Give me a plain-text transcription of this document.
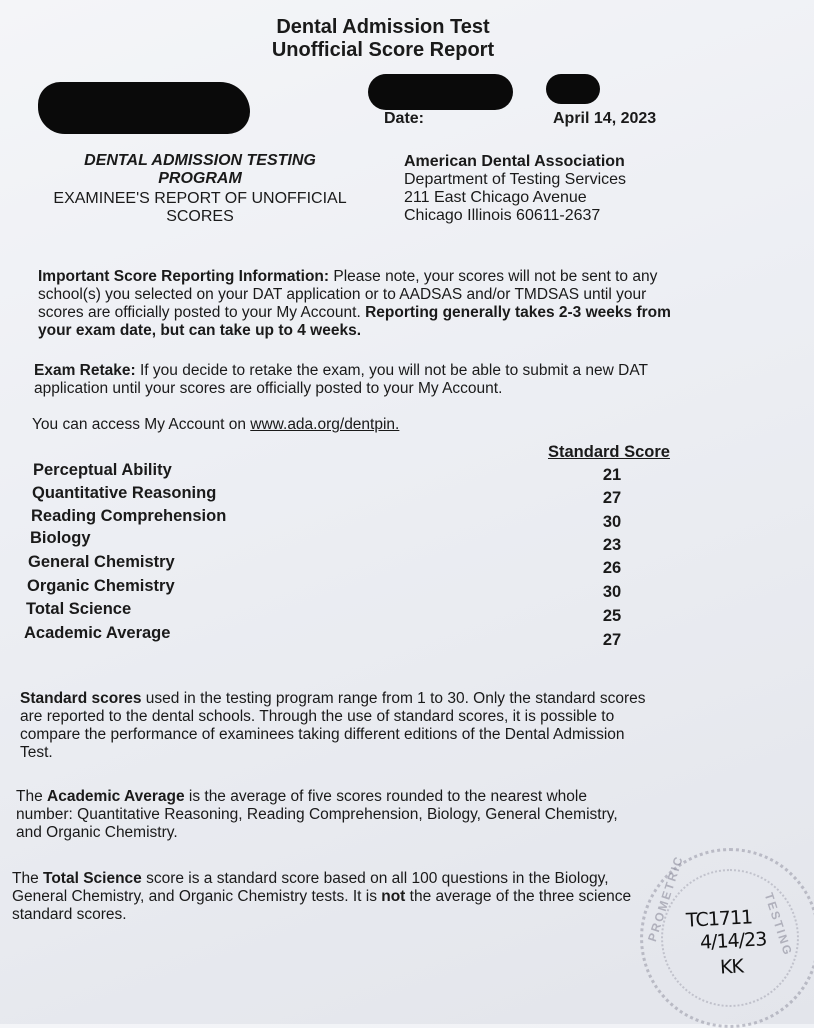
Dental Admission Test
Unofficial Score Report
Date:	April 14, 2023
DENTAL ADMISSION TESTING
PROGRAM
EXAMINEE'S REPORT OF UNOFFICIAL
SCORES
American Dental Association
Department of Testing Services
211 East Chicago Avenue
Chicago Illinois 60611-2637
Important Score Reporting Information: Please note, your scores will not be sent to any
school(s) you selected on your DAT application or to AADSAS and/or TMDSAS until your
scores are officially posted to your My Account. Reporting generally takes 2-3 weeks from
your exam date, but can take up to 4 weeks.
Exam Retake: If you decide to retake the exam, you will not be able to submit a new DAT
application until your scores are officially posted to your My Account.
You can access My Account on www.ada.org/dentpin.
Standard Score
Perceptual Ability	21
Quantitative Reasoning	27
Reading Comprehension	30
Biology	23
General Chemistry	26
Organic Chemistry	30
Total Science	25
Academic Average	27
Standard scores used in the testing program range from 1 to 30. Only the standard scores
are reported to the dental schools. Through the use of standard scores, it is possible to
compare the performance of examinees taking different editions of the Dental Admission
Test.
The Academic Average is the average of five scores rounded to the nearest whole
number: Quantitative Reasoning, Reading Comprehension, Biology, General Chemistry,
and Organic Chemistry.
The Total Science score is a standard score based on all 100 questions in the Biology,
General Chemistry, and Organic Chemistry tests. It is not the average of the three science
standard scores.	PROMETRIC	TESTING
TC1711
4/14/23
KK
